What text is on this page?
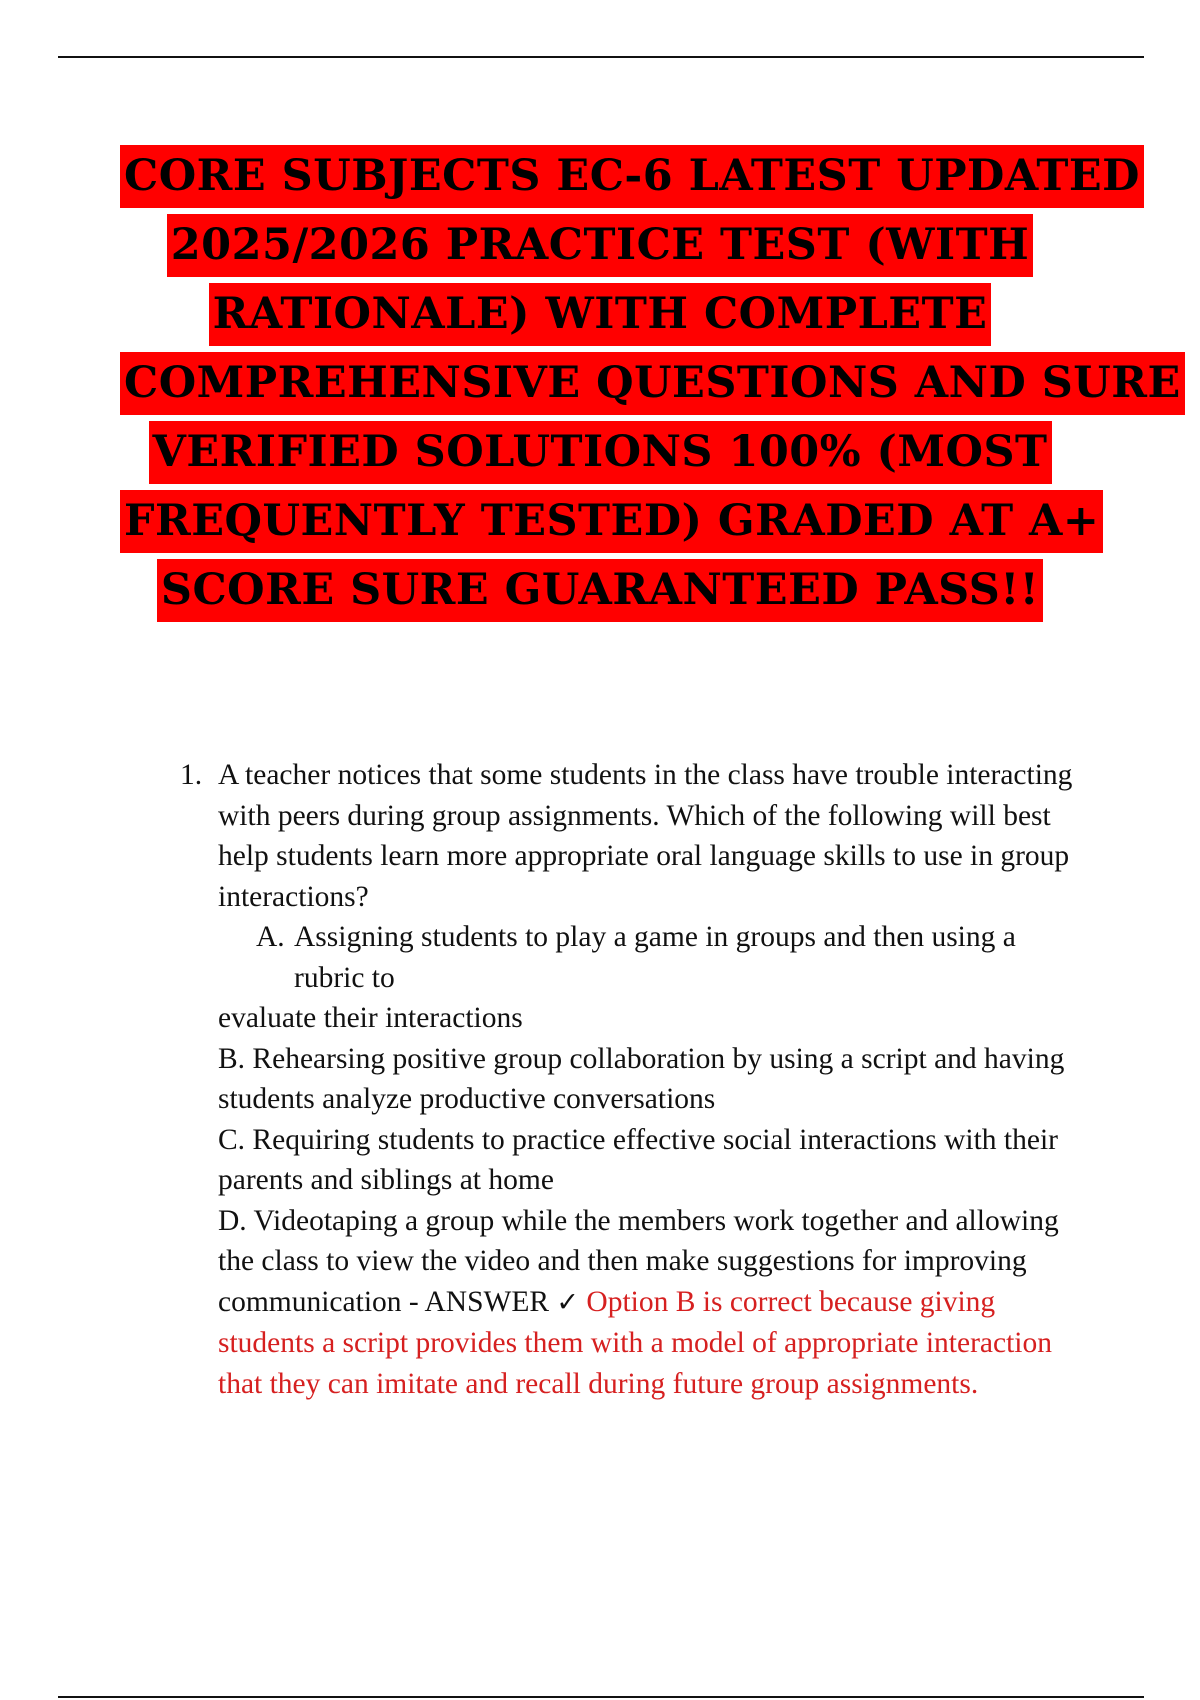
CORE SUBJECTS EC-6 LATEST UPDATED
2025/2026 PRACTICE TEST (WITH
RATIONALE) WITH COMPLETE
COMPREHENSIVE QUESTIONS AND SURE
VERIFIED SOLUTIONS 100% (MOST
FREQUENTLY TESTED) GRADED AT A+
SCORE SURE GUARANTEED PASS!!
1. A teacher notices that some students in the class have trouble interacting with peers during group assignments. Which of the following will best help students learn more appropriate oral language skills to use in group interactions?
A. Assigning students to play a game in groups and then using a rubric to
evaluate their interactions
B. Rehearsing positive group collaboration by using a script and having students analyze productive conversations
C. Requiring students to practice effective social interactions with their parents and siblings at home
D. Videotaping a group while the members work together and allowing the class to view the video and then make suggestions for improving communication - ANSWER ✓ Option B is correct because giving students a script provides them with a model of appropriate interaction that they can imitate and recall during future group assignments.
